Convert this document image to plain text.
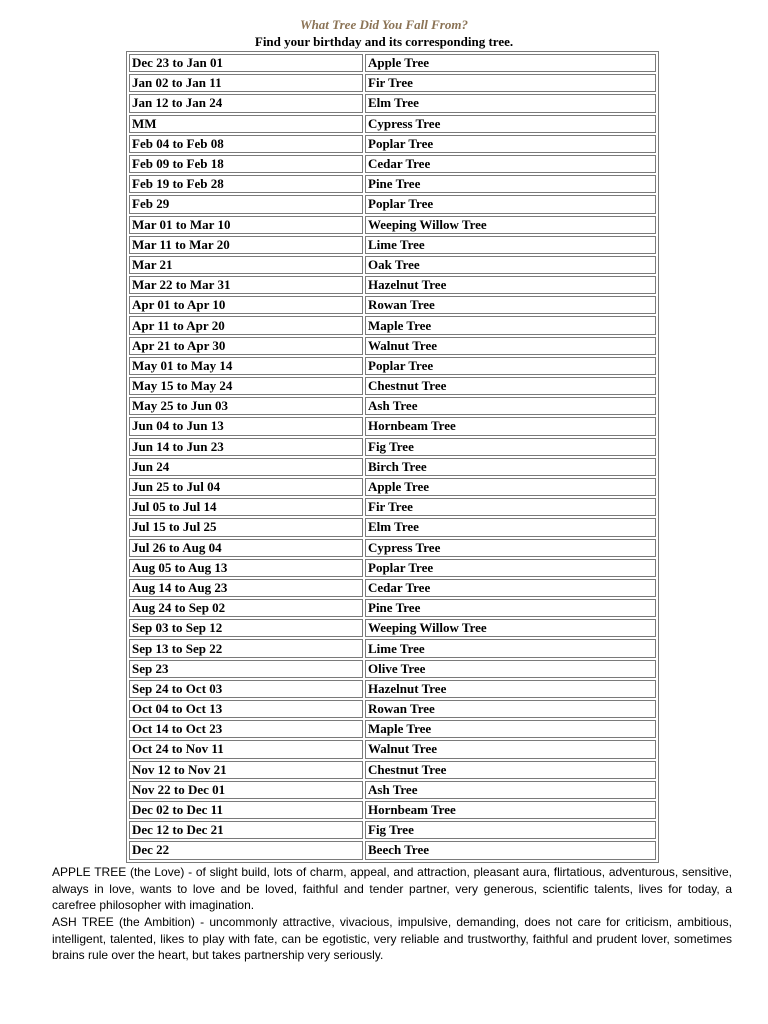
What Tree Did You Fall From?
Find your birthday and its corresponding tree.
Dec 23 to Jan 01	Apple Tree
Jan 02 to Jan 11	Fir Tree
Jan 12 to Jan 24	Elm Tree
MM	Cypress Tree
Feb 04 to Feb 08	Poplar Tree
Feb 09 to Feb 18	Cedar Tree
Feb 19 to Feb 28	Pine Tree
Feb 29	Poplar Tree
Mar 01 to Mar 10	Weeping Willow Tree
Mar 11 to Mar 20	Lime Tree
Mar 21	Oak Tree
Mar 22 to Mar 31	Hazelnut Tree
Apr 01 to Apr 10	Rowan Tree
Apr 11 to Apr 20	Maple Tree
Apr 21 to Apr 30	Walnut Tree
May 01 to May 14	Poplar Tree
May 15 to May 24	Chestnut Tree
May 25 to Jun 03	Ash Tree
Jun 04 to Jun 13	Hornbeam Tree
Jun 14 to Jun 23	Fig Tree
Jun 24	Birch Tree
Jun 25 to Jul 04	Apple Tree
Jul 05 to Jul 14	Fir Tree
Jul 15 to Jul 25	Elm Tree
Jul 26 to Aug 04	Cypress Tree
Aug 05 to Aug 13	Poplar Tree
Aug 14 to Aug 23	Cedar Tree
Aug 24 to Sep 02	Pine Tree
Sep 03 to Sep 12	Weeping Willow Tree
Sep 13 to Sep 22	Lime Tree
Sep 23	Olive Tree
Sep 24 to Oct 03	Hazelnut Tree
Oct 04 to Oct 13	Rowan Tree
Oct 14 to Oct 23	Maple Tree
Oct 24 to Nov 11	Walnut Tree
Nov 12 to Nov 21	Chestnut Tree
Nov 22 to Dec 01	Ash Tree
Dec 02 to Dec 11	Hornbeam Tree
Dec 12 to Dec 21	Fig Tree
Dec 22	Beech Tree
APPLE TREE (the Love) - of slight build, lots of charm, appeal, and attraction, pleasant aura, flirtatious, adventurous, sensitive, always in love, wants to love and be loved, faithful and tender partner, very generous, scientific talents, lives for today, a carefree philosopher with imagination.
ASH TREE (the Ambition) - uncommonly attractive, vivacious, impulsive, demanding, does not care for criticism, ambitious, intelligent, talented, likes to play with fate, can be egotistic, very reliable and trustworthy, faithful and prudent lover, sometimes brains rule over the heart, but takes partnership very seriously.
